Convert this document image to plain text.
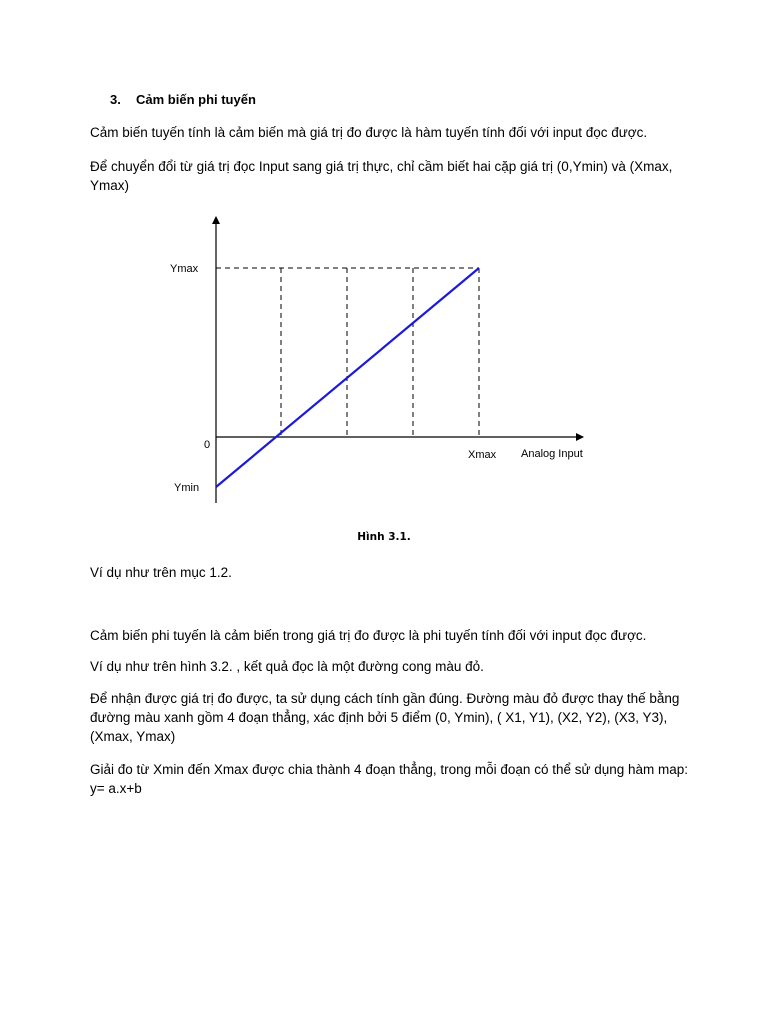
3. Cảm biến phi tuyến
Cảm biến tuyến tính là cảm biến mà giá trị đo được là hàm tuyến tính đối với input đọc được.
Để chuyển đổi từ giá trị đọc Input sang giá trị thực, chỉ cầm biết hai cặp giá trị (0,Ymin) và (Xmax, Ymax)
Ymax
0
Ymin
Xmax Analog Input
Hình 3.1.
Ví dụ như trên mục 1.2.
Cảm biến phi tuyến là cảm biến trong giá trị đo được là phi tuyến tính đối với input đọc được.
Ví dụ như trên hình 3.2. , kết quả đọc là một đường cong màu đỏ.
Để nhận được giá trị đo được, ta sử dụng cách tính gần đúng. Đường màu đỏ được thay thế bằng đường màu xanh gồm 4 đoạn thẳng, xác định bởi 5 điểm (0, Ymin), ( X1, Y1), (X2, Y2), (X3, Y3), (Xmax, Ymax)
Giải đo từ Xmin đến Xmax được chia thành 4 đoạn thẳng, trong mỗi đoạn có thể sử dụng hàm map: y= a.x+b
